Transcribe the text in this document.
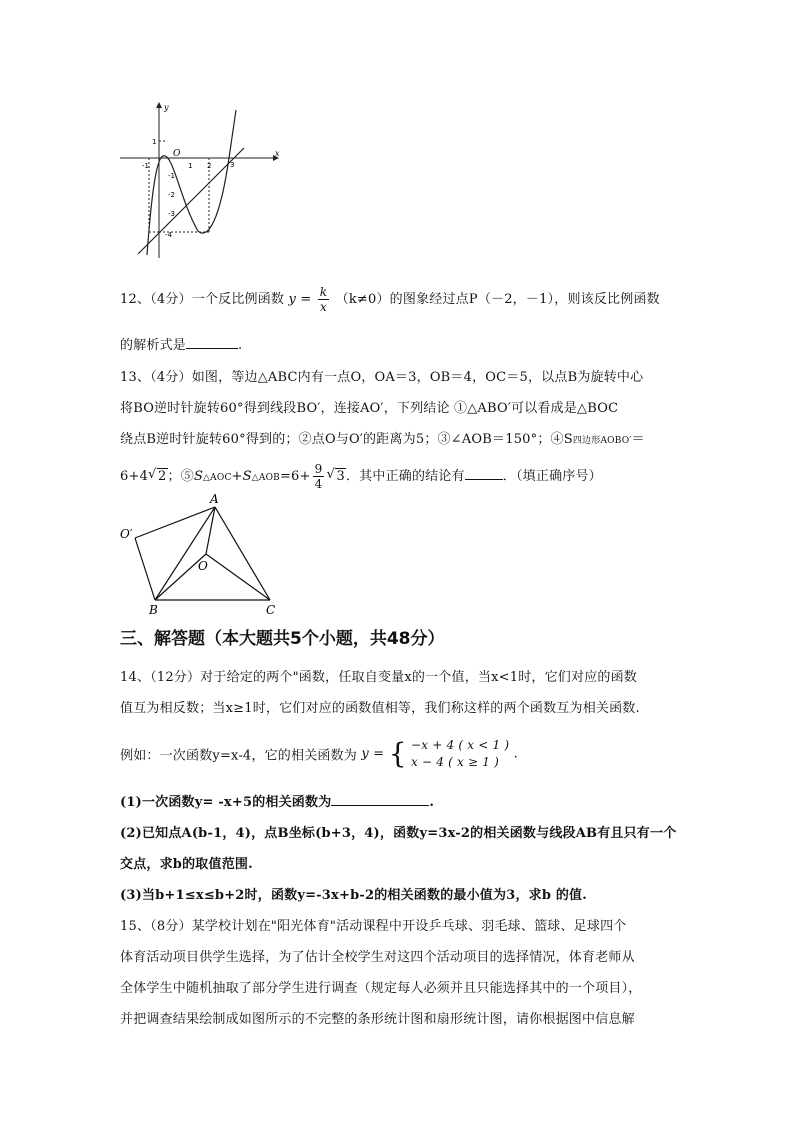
y
x
O
-1	1 2	3
1
-1
-2
-3
-4
12、（4分）一个反比例函数 $y = \frac{k}{x} (k\ne 0)$的图象经过点P（－2，－1），则该反比例函数
的解析式是	.
13、（4分）如图，等边△ABC内有一点O，OA＝3，OB＝4，OC＝5，以点B为旋转中心
将BO逆时针旋转60°得到线段BO′，连接AO′，下列结论 ①△ABO′可以看成是△BOC
绕点B逆时针旋转60°得到的；②点O与O′的距离为5；③∠AOB＝150°；④S四边形AOBO′＝
6+4 √ 2；⑤S△AOC+S△AOB=6+ $\frac{9}{4}$ √ 3．其中正确的结论有	．（填正确序号）
A
O
O′
B	C
三、解答题（本大题共5个小题，共48分）
14、（12分）对于给定的两个"函数，任取自变量x的一个值，当x<1时，它们对应的函数
值互为相反数；当x≥1时，它们对应的函数值相等，我们称这样的两个函数互为相关函数.
例如：一次函数y=x-4，它的相关函数为 y = { −x + 4 ( x < 1 )
x − 4 ( x ≥ 1 )
.
(1)一次函数y= -x+5的相关函数为	.
(2)已知点A(b-1，4)，点B坐标(b+3，4)，函数y=3x-2的相关函数与线段AB有且只有一个
交点，求b的取值范围.
(3)当b+1≤x≤b+2时，函数y=-3x+b-2的相关函数的最小值为3，求b 的值.
15、（8分）某学校计划在"阳光体育"活动课程中开设乒乓球、羽毛球、篮球、足球四个
体育活动项目供学生选择，为了估计全校学生对这四个活动项目的选择情况，体育老师从
全体学生中随机抽取了部分学生进行调查（规定每人必须并且只能选择其中的一个项目），
并把调查结果绘制成如图所示的不完整的条形统计图和扇形统计图，请你根据图中信息解
